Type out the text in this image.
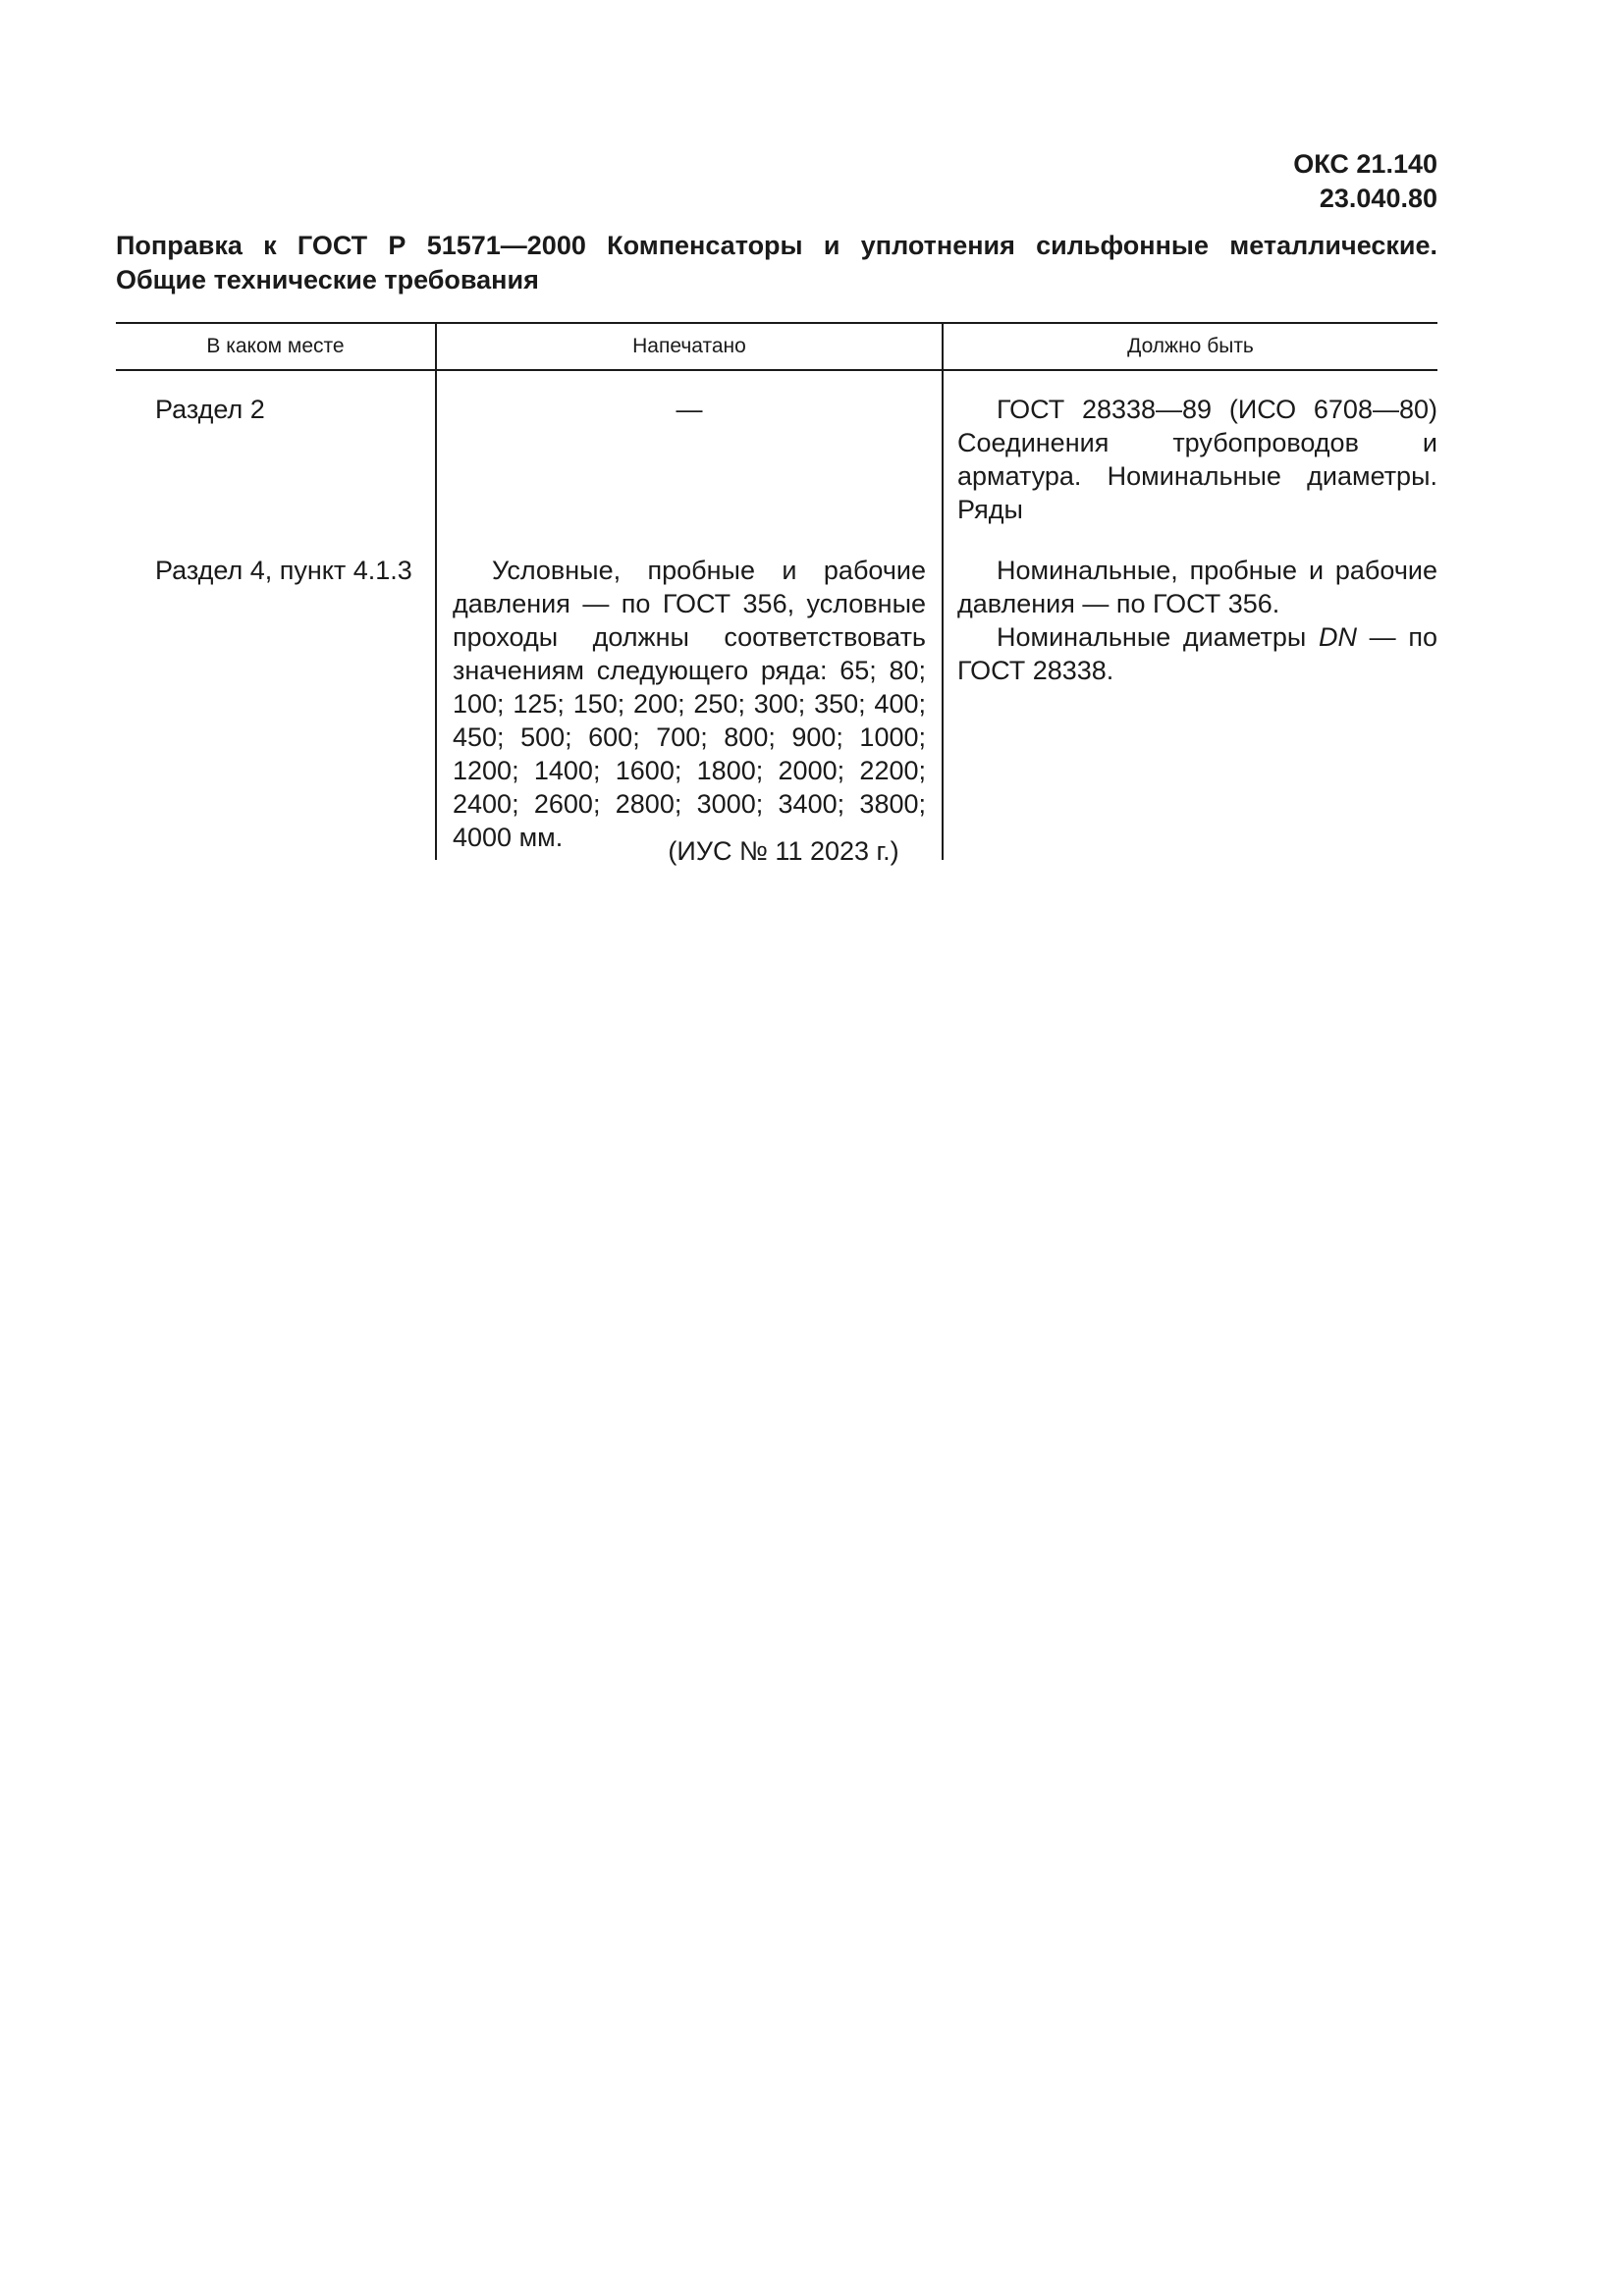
ОКС 21.140
23.040.80
Поправка к ГОСТ Р 51571—2000 Компенсаторы и уплотнения сильфонные металлические.
Общие технические требования
В каком месте	Напечатано	Должно быть
Раздел 2	—	ГОСТ 28338—89 (ИСО 6708—80) Соединения трубопроводов и арматура. Номинальные диаметры. Ряды

Раздел 4, пункт 4.1.3	Условные, пробные и рабочие давления — по ГОСТ 356, условные проходы должны соответствовать значениям следующего ряда: 65; 80; 100; 125; 150; 200; 250; 300; 350; 400; 450; 500; 600; 700; 800; 900; 1000; 1200; 1400; 1600; 1800; 2000; 2200; 2400; 2600; 2800; 3000; 3400; 3800; 4000 мм.	Номинальные, пробные и рабочие давления — по ГОСТ 356.

Номинальные диаметры DN — по ГОСТ 28338.

(ИУС № 11 2023 г.)
